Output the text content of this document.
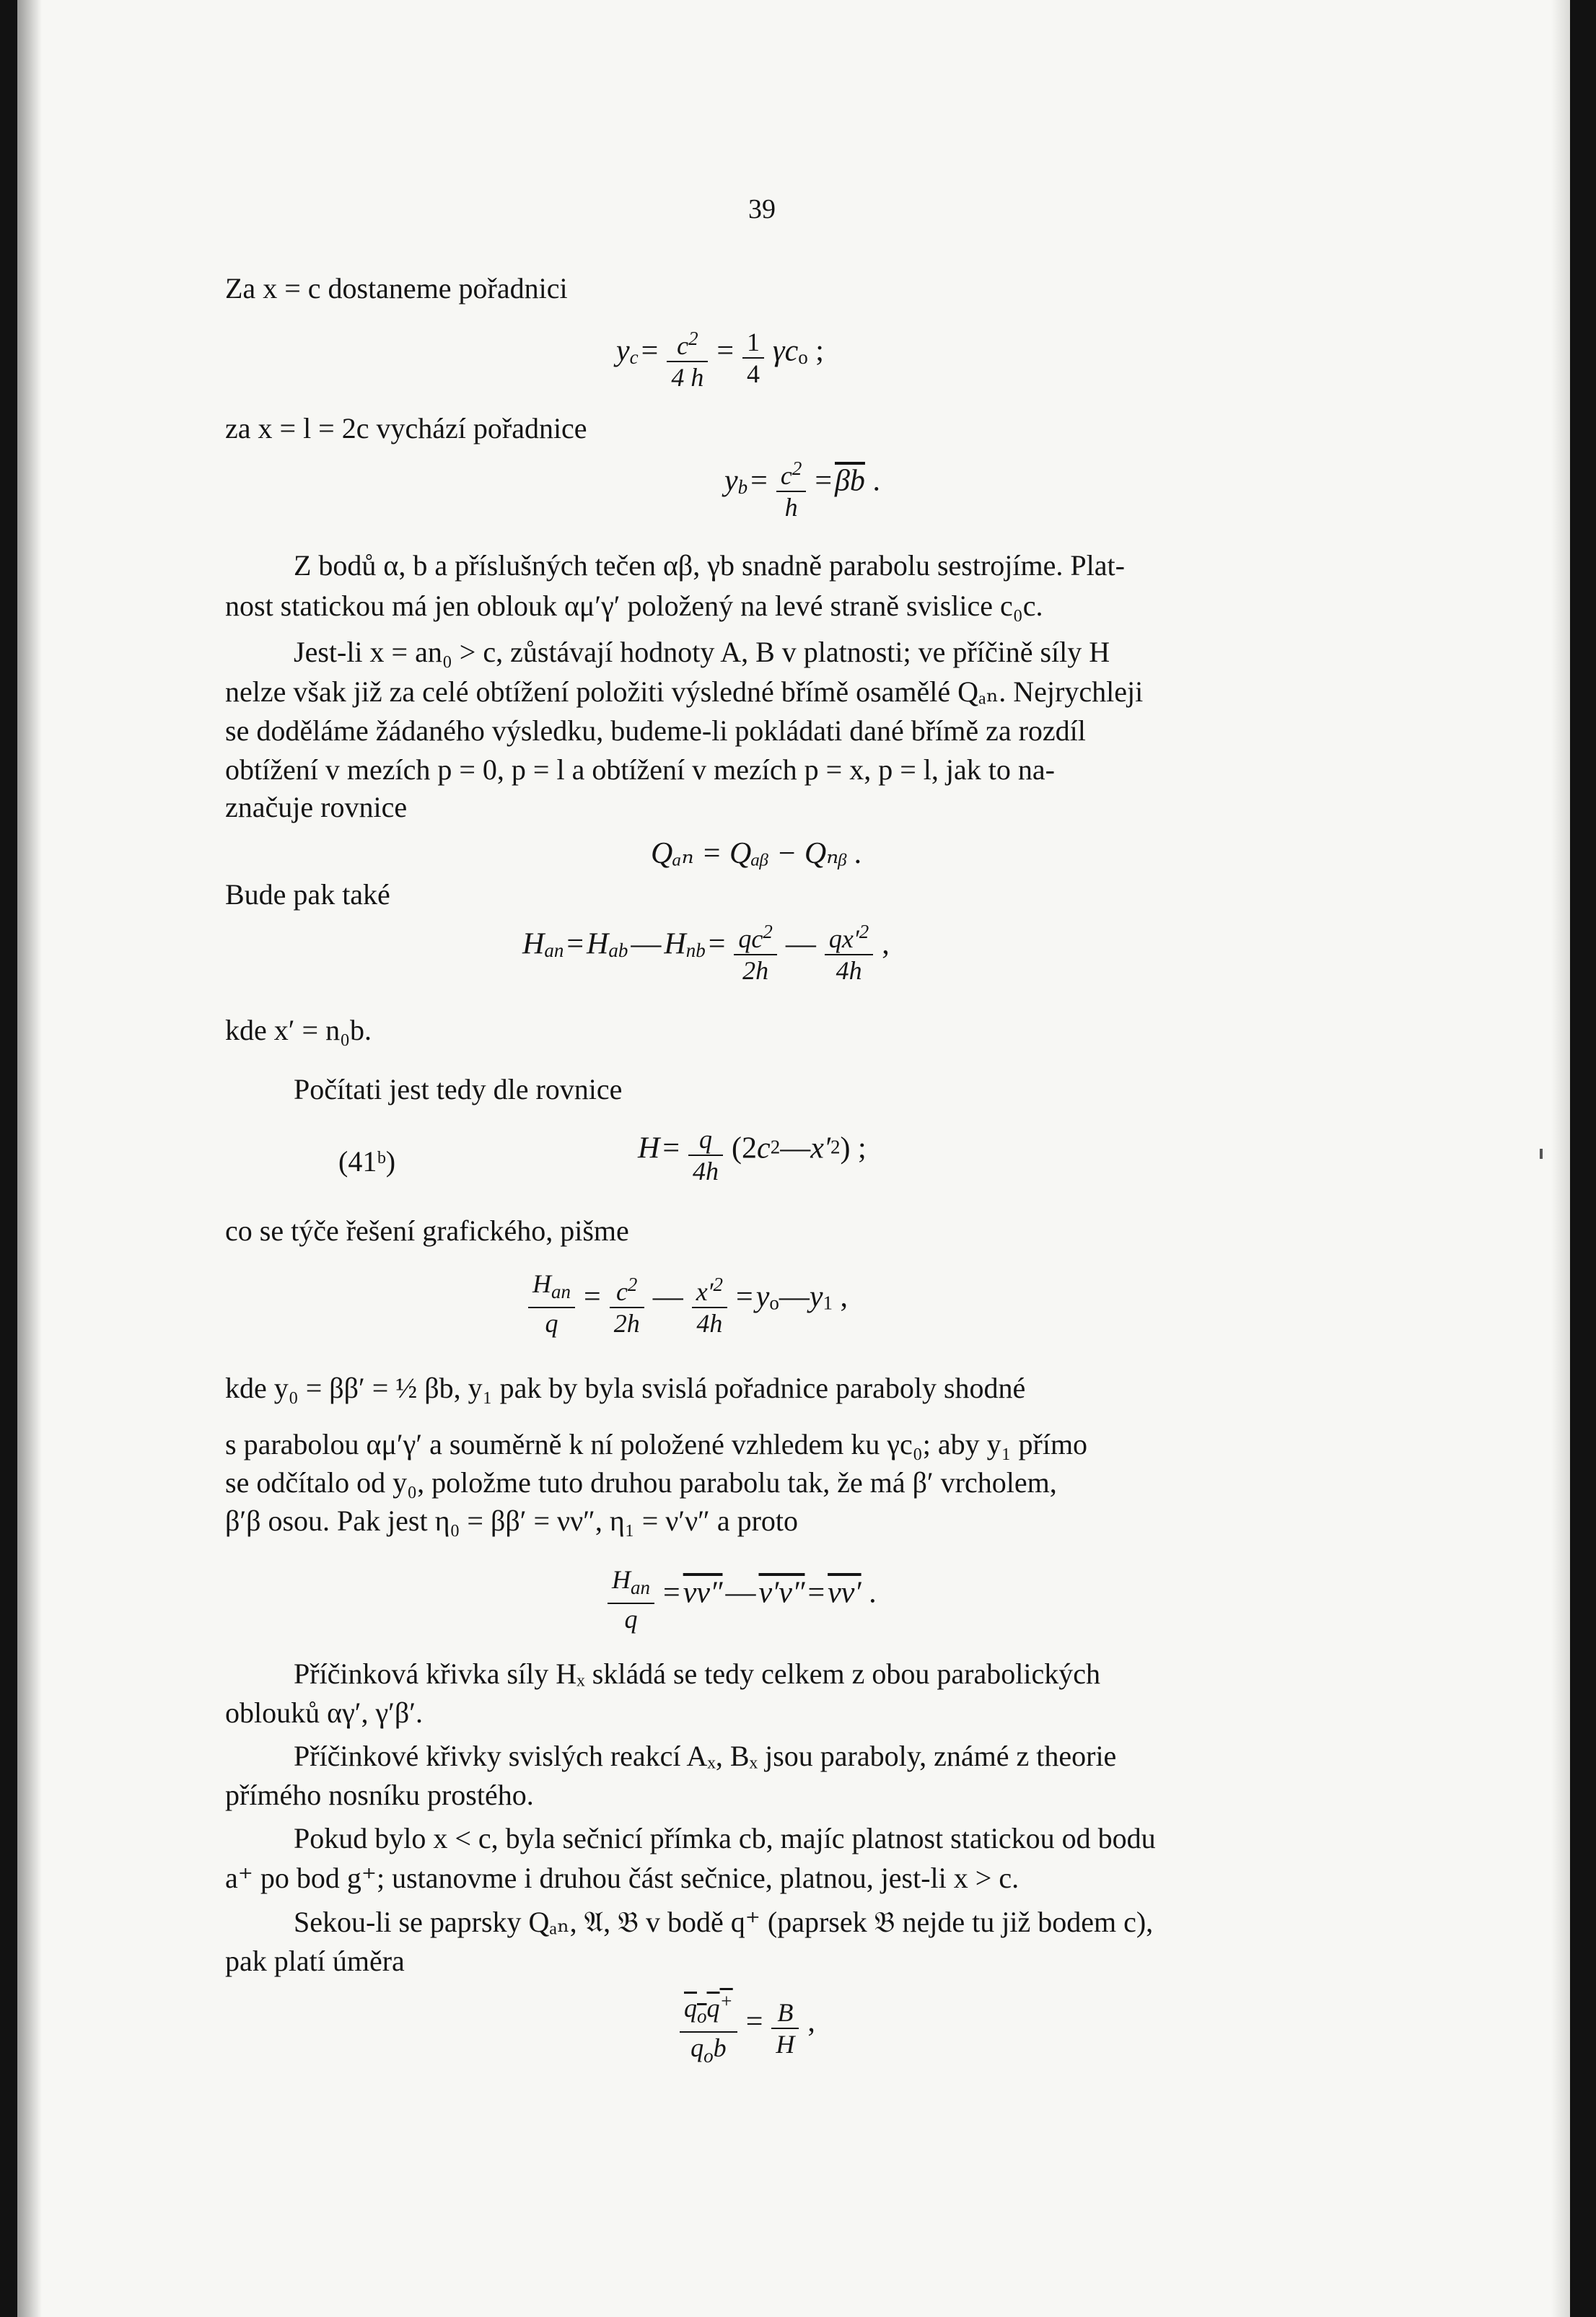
39
Za x = c dostaneme pořadnici
yc = $\frac{c^2}{4 h} = \frac{1}{4}$ γco ;
za x = l = 2c vychází pořadnice
yb = $\frac{c^2}{h} = \overline{\beta b}$ .
Z bodů α, b a příslušných tečen αβ, γb snadně parabolu sestrojíme. Plat-
nost statickou má jen oblouk αμ′γ′ položený na levé straně svislice c₀c.
Jest-li x = an₀ > c, zůstávají hodnoty A, B v platnosti; ve příčině síly H
nelze však již za celé obtížení položiti výsledné břímě osamělé Qₐₙ. Nejrychleji
se doděláme žádaného výsledku, budeme-li pokládati dané břímě za rozdíl
obtížení v mezích p = 0, p = l a obtížení v mezích p = x, p = l, jak to na-
značuje rovnice
Qₐₙ = Qₐᵦ − Qₙᵦ .
Bude pak také
Han = Hab — Hnb = $\frac{qc^2}{2h}$ — $\frac{qx'^2}{4h}$ ,
kde x′ = n₀b.
Počítati jest tedy dle rovnice
(41ᵇ)	$H = \frac{q}{4h}$ (2c2—x′2) ;
co se týče řešení grafického, pišme
$\frac{H_{an}}{q} = \frac{c^2}{2h}$ — $\frac{x'^2}{4h}$ = yo—y1 ,
kde y₀ = ββ′ = ½ βb, y₁ pak by byla svislá pořadnice paraboly shodné
s parabolou αμ′γ′ a souměrně k ní položené vzhledem ku γc₀; aby y₁ přímo
se odčítalo od y₀, položme tuto druhou parabolu tak, že má β′ vrcholem,
β′β osou. Pak jest η₀ = ββ′ = νν″, η₁ = ν′ν″ a proto
$\frac{H_{an}}{q} = \nu\nu''$ — ν′ν″ = νν′ .
Příčinková křivka síly Hₓ skládá se tedy celkem z obou parabolických
oblouků αγ′, γ′β′.
Příčinkové křivky svislých reakcí Aₓ, Bₓ jsou paraboly, známé z theorie
přímého nosníku prostého.
Pokud bylo x < c, byla sečnicí přímka cb, majíc platnost statickou od bodu
a⁺ po bod g⁺; ustanovme i druhou část sečnice, platnou, jest-li x > c.
Sekou-li se paprsky Qₐₙ, 𝔄, 𝔅 v bodě q⁺ (paprsek 𝔅 nejde tu již bodem c),
pak platí úměra
$\frac{q_oq^+}{q_ob} = \frac{B}{H}$ ,
